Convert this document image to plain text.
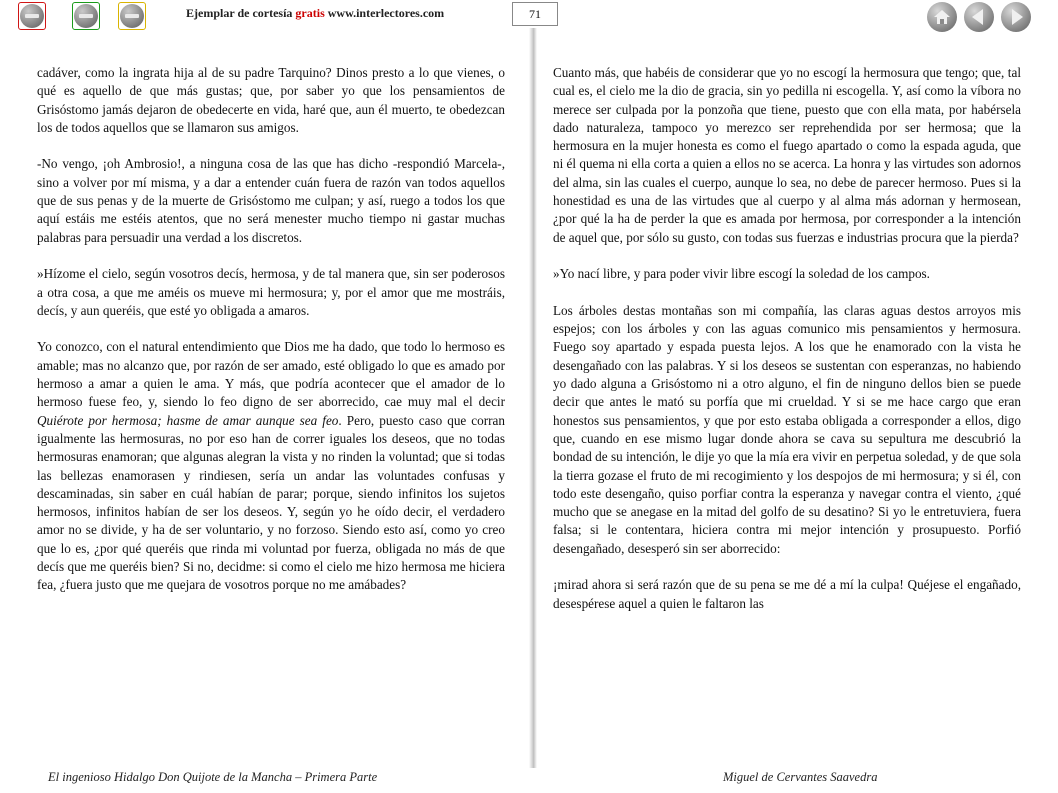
Ejemplar de cortesía gratis www.interlectores.com	71

cadáver, como la ingrata hija al de su padre Tarquino? Dinos presto a lo que vienes, o qué es aquello de que más gustas; que, por saber yo que los pensamientos de Grisóstomo jamás dejaron de obedecerte en vida, haré que, aun él muerto, te obedezcan los de todos aquellos que se llamaron sus amigos.

-No vengo, ¡oh Ambrosio!, a ninguna cosa de las que has dicho -respondió Marcela-, sino a volver por mí misma, y a dar a entender cuán fuera de razón van todos aquellos que de sus penas y de la muerte de Grisóstomo me culpan; y así, ruego a todos los que aquí estáis me estéis atentos, que no será menester mucho tiempo ni gastar muchas palabras para persuadir una verdad a los discretos.

»Hízome el cielo, según vosotros decís, hermosa, y de tal manera que, sin ser poderosos a otra cosa, a que me améis os mueve mi hermosura; y, por el amor que me mostráis, decís, y aun queréis, que esté yo obligada a amaros.

Yo conozco, con el natural entendimiento que Dios me ha dado, que todo lo hermoso es amable; mas no alcanzo que, por razón de ser amado, esté obligado lo que es amado por hermoso a amar a quien le ama. Y más, que podría acontecer que el amador de lo hermoso fuese feo, y, siendo lo feo digno de ser aborrecido, cae muy mal el decir Quiérote por hermosa; hasme de amar aunque sea feo. Pero, puesto caso que corran igualmente las hermosuras, no por eso han de correr iguales los deseos, que no todas hermosuras enamoran; que algunas alegran la vista y no rinden la voluntad; que si todas las bellezas enamorasen y rindiesen, sería un andar las voluntades confusas y descaminadas, sin saber en cuál habían de parar; porque, siendo infinitos los sujetos hermosos, infinitos habían de ser los deseos. Y, según yo he oído decir, el verdadero amor no se divide, y ha de ser voluntario, y no forzoso. Siendo esto así, como yo creo que lo es, ¿por qué queréis que rinda mi voluntad por fuerza, obligada no más de que decís que me queréis bien? Si no, decidme: si como el cielo me hizo hermosa me hiciera fea, ¿fuera justo que me quejara de vosotros porque no me amábades?

Cuanto más, que habéis de considerar que yo no escogí la hermosura que tengo; que, tal cual es, el cielo me la dio de gracia, sin yo pedilla ni escogella. Y, así como la víbora no merece ser culpada por la ponzoña que tiene, puesto que con ella mata, por habérsela dado naturaleza, tampoco yo merezco ser reprehendida por ser hermosa; que la hermosura en la mujer honesta es como el fuego apartado o como la espada aguda, que ni él quema ni ella corta a quien a ellos no se acerca. La honra y las virtudes son adornos del alma, sin las cuales el cuerpo, aunque lo sea, no debe de parecer hermoso. Pues si la honestidad es una de las virtudes que al cuerpo y al alma más adornan y hermosean, ¿por qué la ha de perder la que es amada por hermosa, por corresponder a la intención de aquel que, por sólo su gusto, con todas sus fuerzas e industrias procura que la pierda?

»Yo nací libre, y para poder vivir libre escogí la soledad de los campos.

Los árboles destas montañas son mi compañía, las claras aguas destos arroyos mis espejos; con los árboles y con las aguas comunico mis pensamientos y hermosura. Fuego soy apartado y espada puesta lejos. A los que he enamorado con la vista he desengañado con las palabras. Y si los deseos se sustentan con esperanzas, no habiendo yo dado alguna a Grisóstomo ni a otro alguno, el fin de ninguno dellos bien se puede decir que antes le mató su porfía que mi crueldad. Y si se me hace cargo que eran honestos sus pensamientos, y que por esto estaba obligada a corresponder a ellos, digo que, cuando en ese mismo lugar donde ahora se cava su sepultura me descubrió la bondad de su intención, le dije yo que la mía era vivir en perpetua soledad, y de que sola la tierra gozase el fruto de mi recogimiento y los despojos de mi hermosura; y si él, con todo este desengaño, quiso porfiar contra la esperanza y navegar contra el viento, ¿qué mucho que se anegase en la mitad del golfo de su desatino? Si yo le entretuviera, fuera falsa; si le contentara, hiciera contra mi mejor intención y prosupuesto. Porfió desengañado, desesperó sin ser aborrecido:

¡mirad ahora si será razón que de su pena se me dé a mí la culpa! Quéjese el engañado, desespérese aquel a quien le faltaron las

El ingenioso Hidalgo Don Quijote de la Mancha – Primera Parte	Miguel de Cervantes Saavedra
